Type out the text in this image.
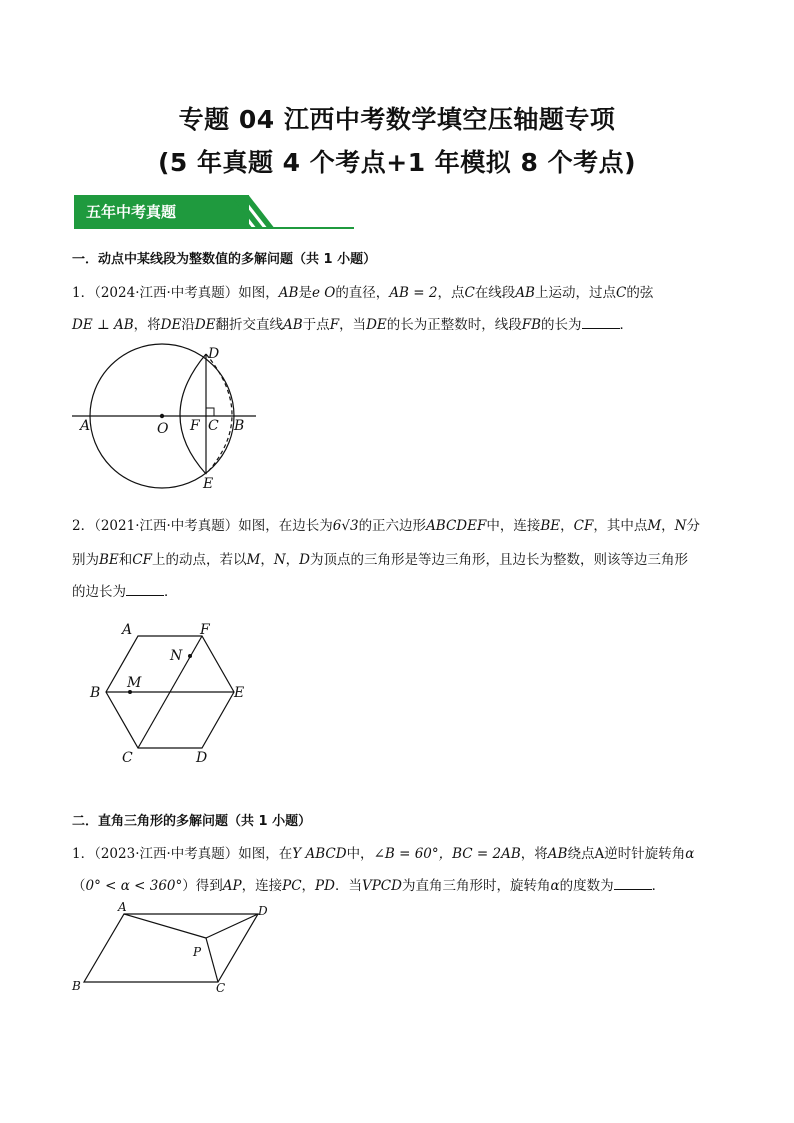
专题 04 江西中考数学填空压轴题专项
(5 年真题 4 个考点+1 年模拟 8 个考点)
五年中考真题
一．动点中某线段为整数值的多解问题（共 1 小题）
1．（2024·江西·中考真题）如图，AB是e O的直径，AB = 2，点C在线段AB上运动，过点C的弦
DE ⊥ AB，将DE沿DE翻折交直线AB于点F，当DE的长为正整数时，线段FB的长为	．
D
A	O F C B
E
2．（2021·江西·中考真题）如图，在边长为6√3的正六边形ABCDEF中，连接BE，CF，其中点M，N分
别为BE和CF上的动点，若以M，N，D为顶点的三角形是等边三角形，且边长为整数，则该等边三角形
的边长为	．
A	F
N
B
M
E
C	D
二．直角三角形的多解问题（共 1 小题）
1．（2023·江西·中考真题）如图，在Y ABCD中，∠B = 60°，BC = 2AB，将AB绕点A逆时针旋转角α
（0° < α < 360°）得到AP，连接PC，PD．当VPCD为直角三角形时，旋转角α的度数为	．
A	D
P
B	C
